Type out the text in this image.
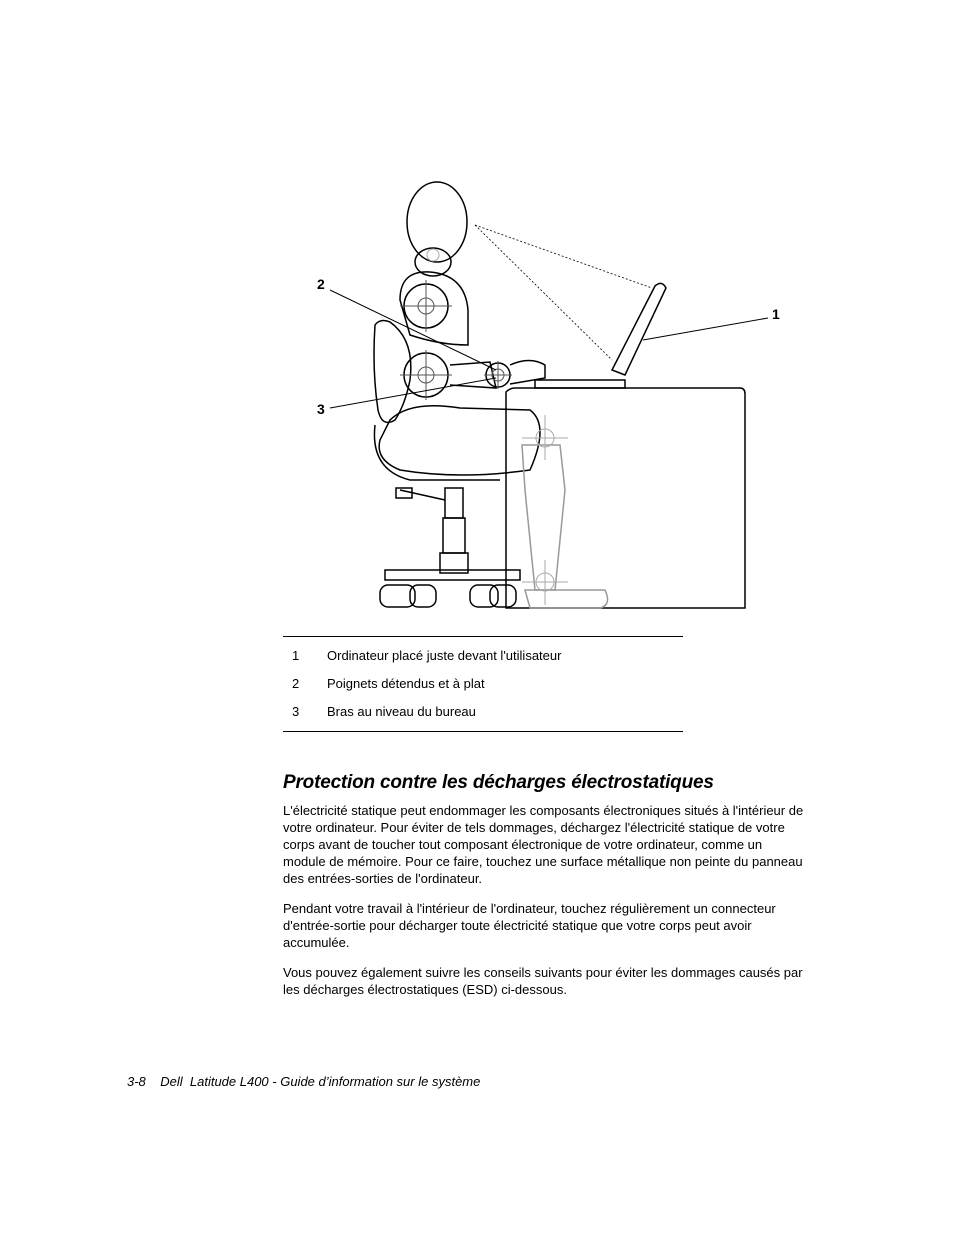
1
2
3
1	Ordinateur placé juste devant l'utilisateur
2	Poignets détendus et à plat
3	Bras au niveau du bureau
Protection contre les décharges électrostatiques

L'électricité statique peut endommager les composants électroniques situés à l'intérieur de votre ordinateur. Pour éviter de tels dommages, déchargez l'électricité statique de votre corps avant de toucher tout composant électronique de votre ordinateur, comme un module de mémoire. Pour ce faire, touchez une surface métallique non peinte du panneau des entrées-sorties de l'ordinateur.

Pendant votre travail à l'intérieur de l'ordinateur, touchez régulièrement un connecteur d'entrée-sortie pour décharger toute électricité statique que votre corps peut avoir accumulée.

Vous pouvez également suivre les conseils suivants pour éviter les dommages causés par les décharges électrostatiques (ESD) ci-dessous.

3-8 Dell  Latitude L400 - Guide d’information sur le système
